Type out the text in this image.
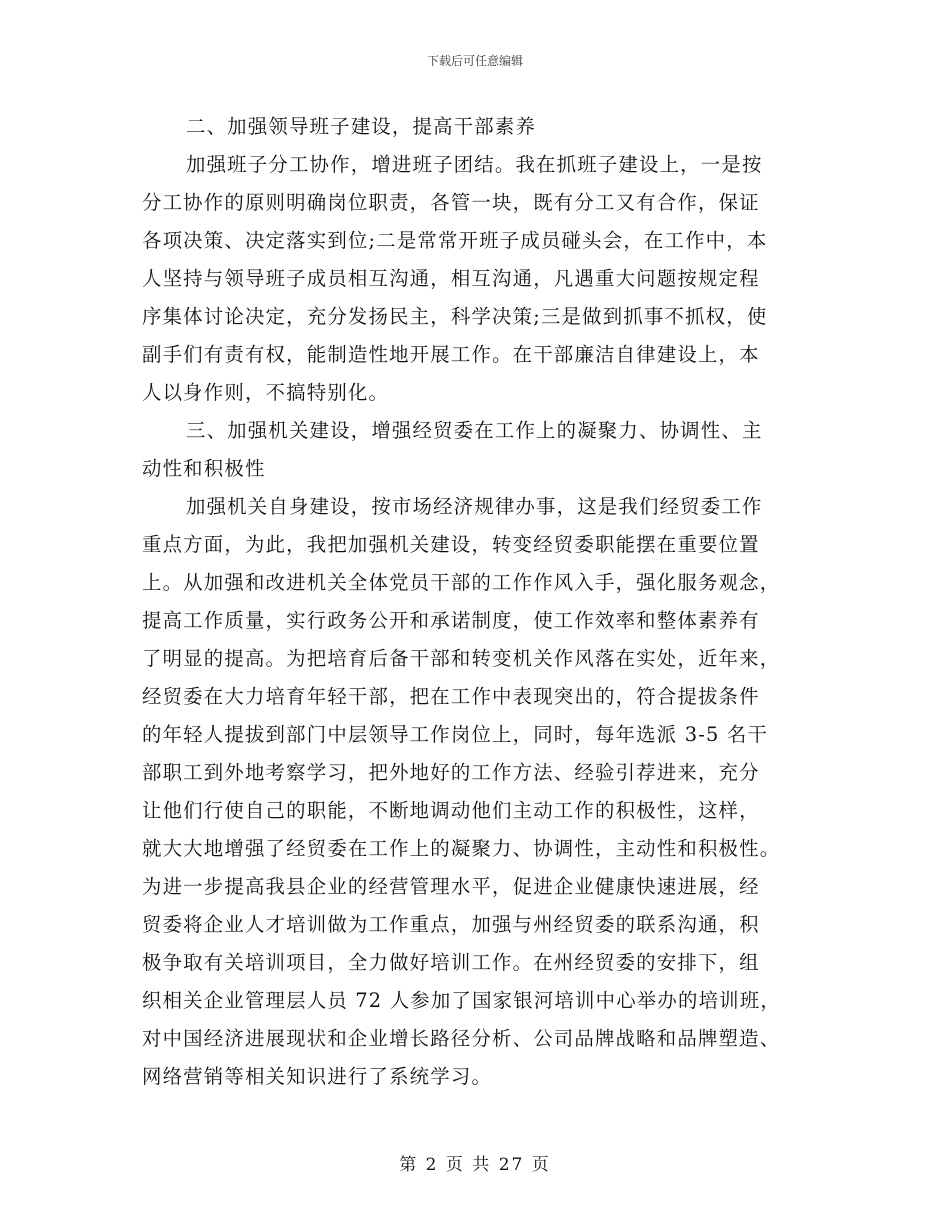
下载后可任意编辑
二、加强领导班子建设，提高干部素养
加强班子分工协作，增进班子团结。我在抓班子建设上，一是按
分工协作的原则明确岗位职责，各管一块，既有分工又有合作，保证
各项决策、决定落实到位;二是常常开班子成员碰头会，在工作中，本
人坚持与领导班子成员相互沟通，相互沟通，凡遇重大问题按规定程
序集体讨论决定，充分发扬民主，科学决策;三是做到抓事不抓权，使
副手们有责有权，能制造性地开展工作。在干部廉洁自律建设上，本
人以身作则，不搞特别化。
三、加强机关建设，增强经贸委在工作上的凝聚力、协调性、主
动性和积极性
加强机关自身建设，按市场经济规律办事，这是我们经贸委工作
重点方面，为此，我把加强机关建设，转变经贸委职能摆在重要位置
上。从加强和改进机关全体党员干部的工作作风入手，强化服务观念，
提高工作质量，实行政务公开和承诺制度，使工作效率和整体素养有
了明显的提高。为把培育后备干部和转变机关作风落在实处，近年来，
经贸委在大力培育年轻干部，把在工作中表现突出的，符合提拔条件
的年轻人提拔到部门中层领导工作岗位上，同时，每年选派 3-5 名干
部职工到外地考察学习，把外地好的工作方法、经验引荐进来，充分
让他们行使自己的职能，不断地调动他们主动工作的积极性，这样，
就大大地增强了经贸委在工作上的凝聚力、协调性，主动性和积极性。
为进一步提高我县企业的经营管理水平，促进企业健康快速进展，经
贸委将企业人才培训做为工作重点，加强与州经贸委的联系沟通，积
极争取有关培训项目，全力做好培训工作。在州经贸委的安排下，组
织相关企业管理层人员 72 人参加了国家银河培训中心举办的培训班，
对中国经济进展现状和企业增长路径分析、公司品牌战略和品牌塑造、
网络营销等相关知识进行了系统学习。
第 2 页 共 27 页
